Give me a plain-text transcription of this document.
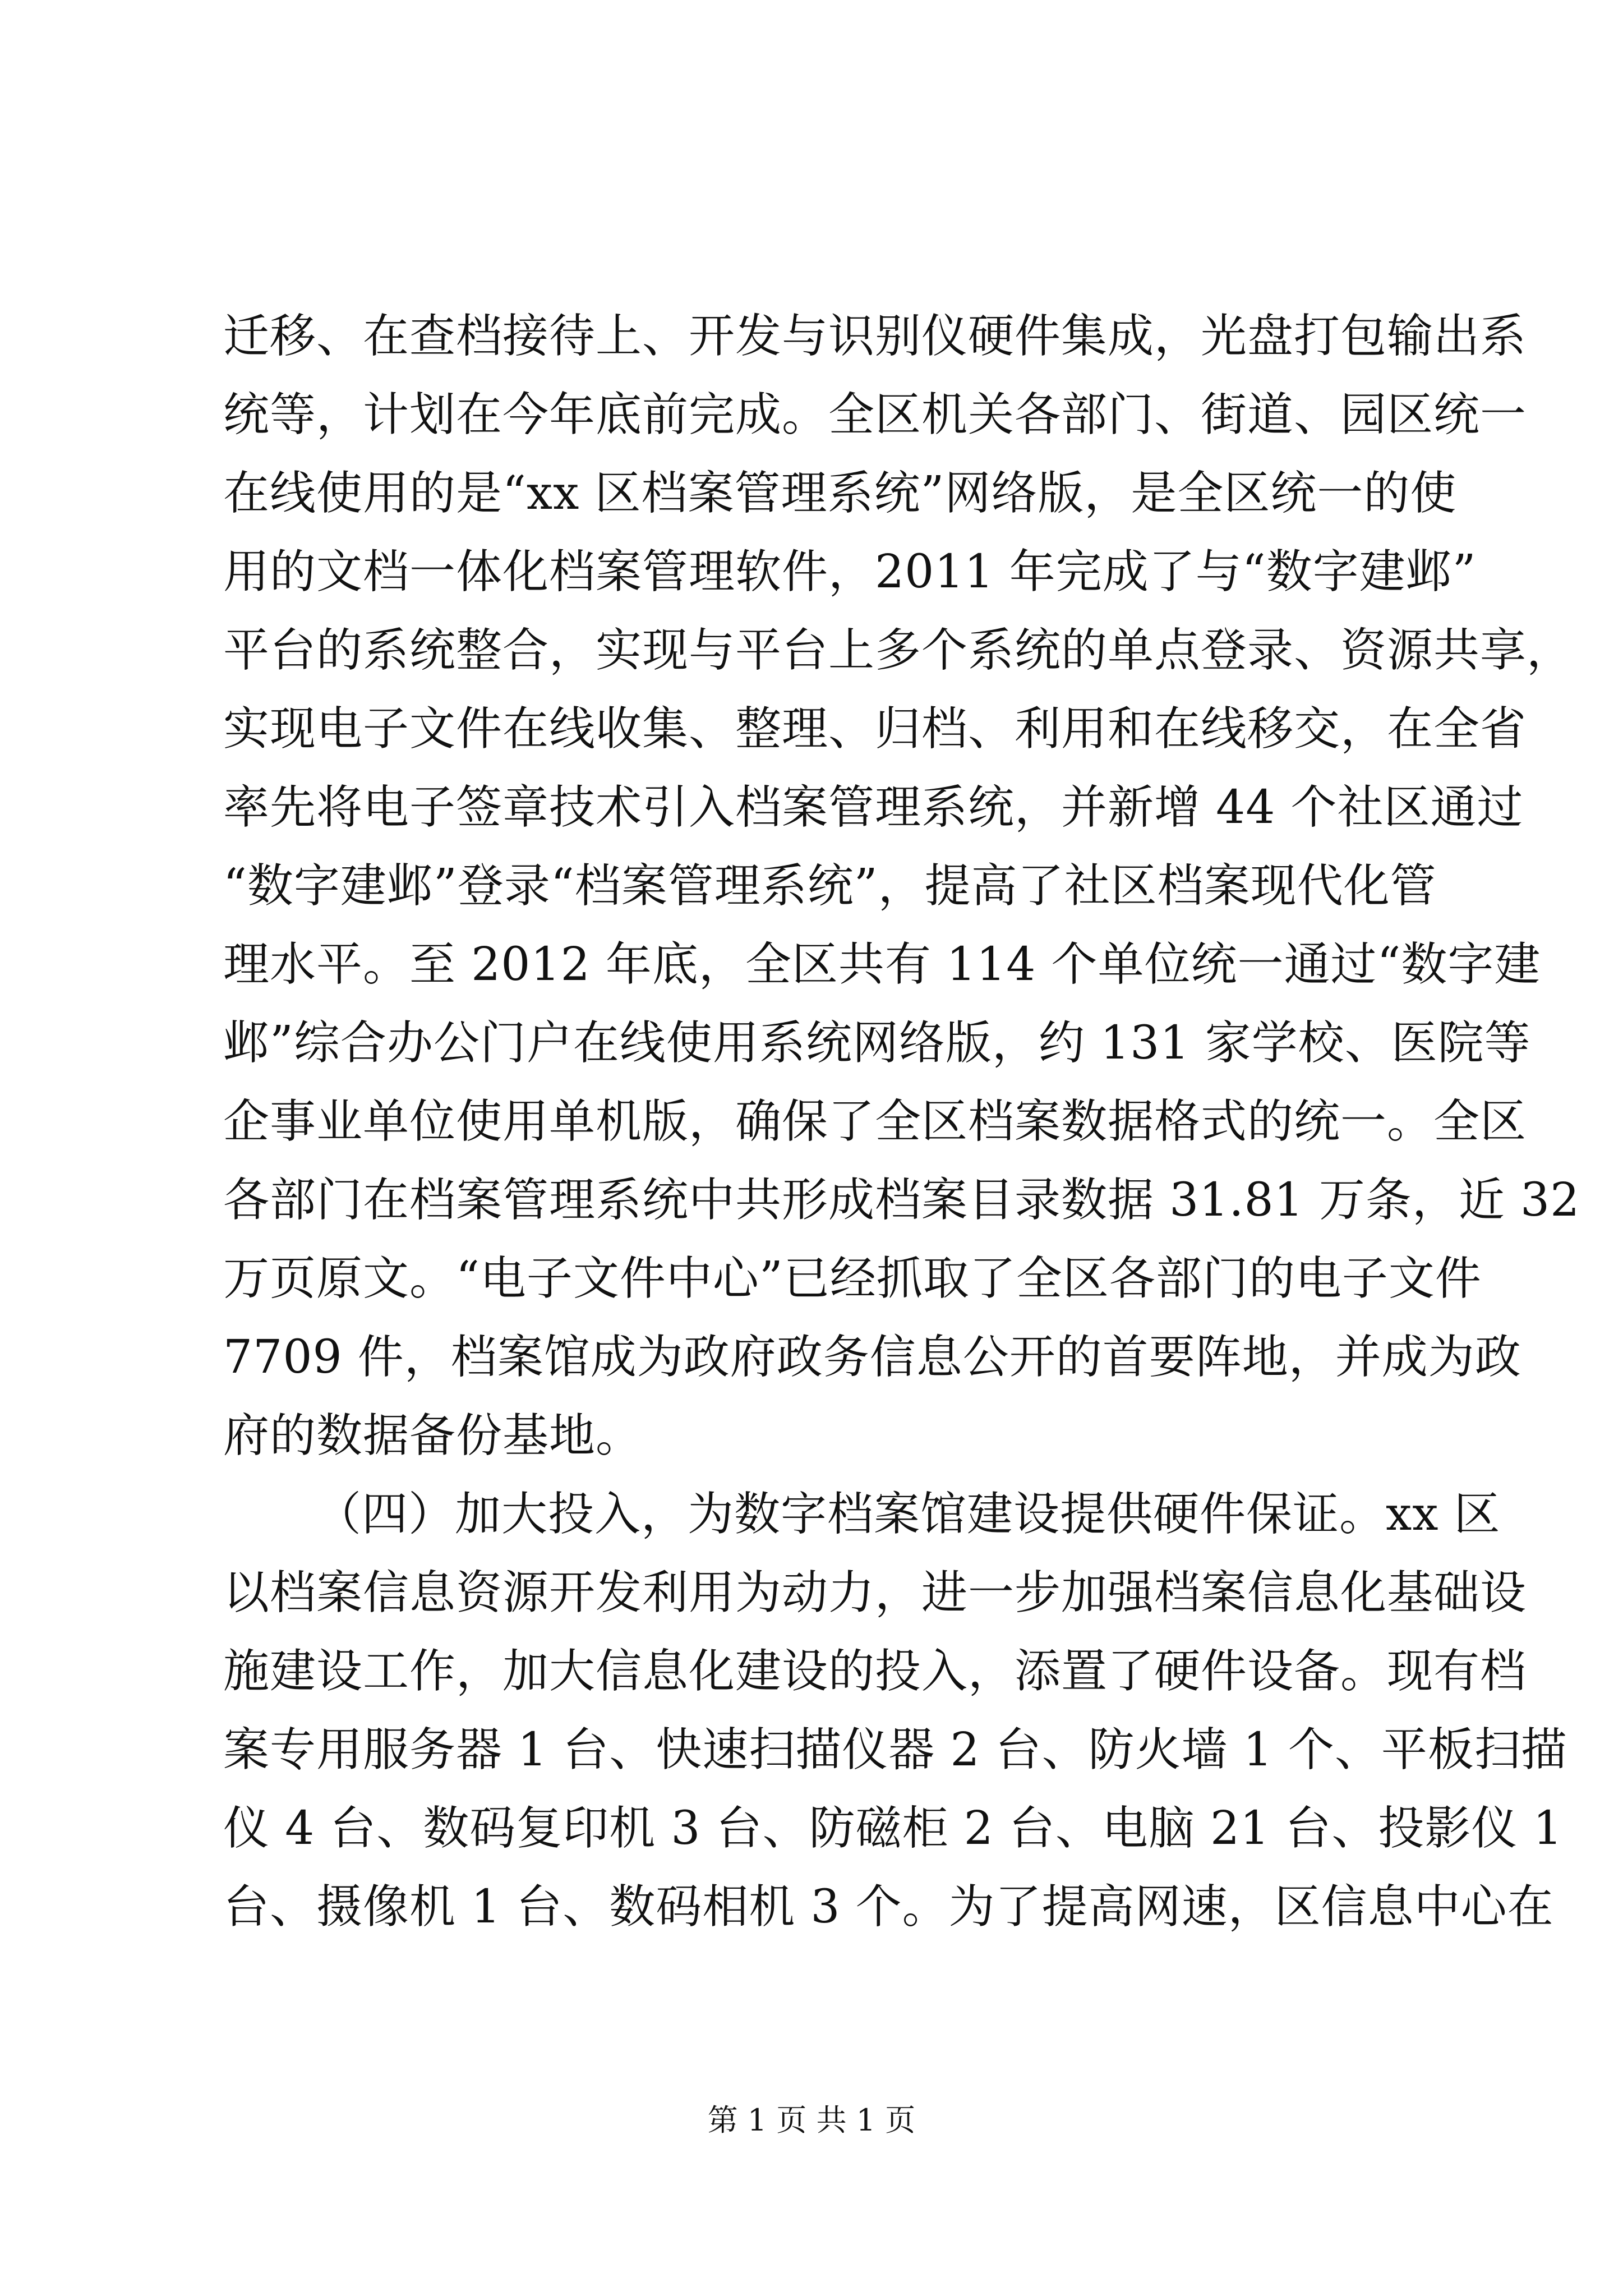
迁移、在查档接待上、开发与识别仪硬件集成，光盘打包输出系
统等，计划在今年底前完成。全区机关各部门、街道、园区统一
在线使用的是“xx 区档案管理系统”网络版，是全区统一的使
用的文档一体化档案管理软件，2011 年完成了与“数字建邺”
平台的系统整合，实现与平台上多个系统的单点登录、资源共享，
实现电子文件在线收集、整理、归档、利用和在线移交，在全省
率先将电子签章技术引入档案管理系统，并新增 44 个社区通过
“数字建邺”登录“档案管理系统”，提高了社区档案现代化管
理水平。至 2012 年底，全区共有 114 个单位统一通过“数字建
邺”综合办公门户在线使用系统网络版，约 131 家学校、医院等
企事业单位使用单机版，确保了全区档案数据格式的统一。全区
各部门在档案管理系统中共形成档案目录数据 31.81 万条，近 32
万页原文。“电子文件中心”已经抓取了全区各部门的电子文件
7709 件，档案馆成为政府政务信息公开的首要阵地，并成为政
府的数据备份基地。
（四）加大投入，为数字档案馆建设提供硬件保证。xx 区
以档案信息资源开发利用为动力，进一步加强档案信息化基础设
施建设工作，加大信息化建设的投入，添置了硬件设备。现有档
案专用服务器 1 台、快速扫描仪器 2 台、防火墙 1 个、平板扫描
仪 4 台、数码复印机 3 台、防磁柜 2 台、电脑 21 台、投影仪 1
台、摄像机 1 台、数码相机 3 个。为了提高网速，区信息中心在
第 1 页 共 1 页
